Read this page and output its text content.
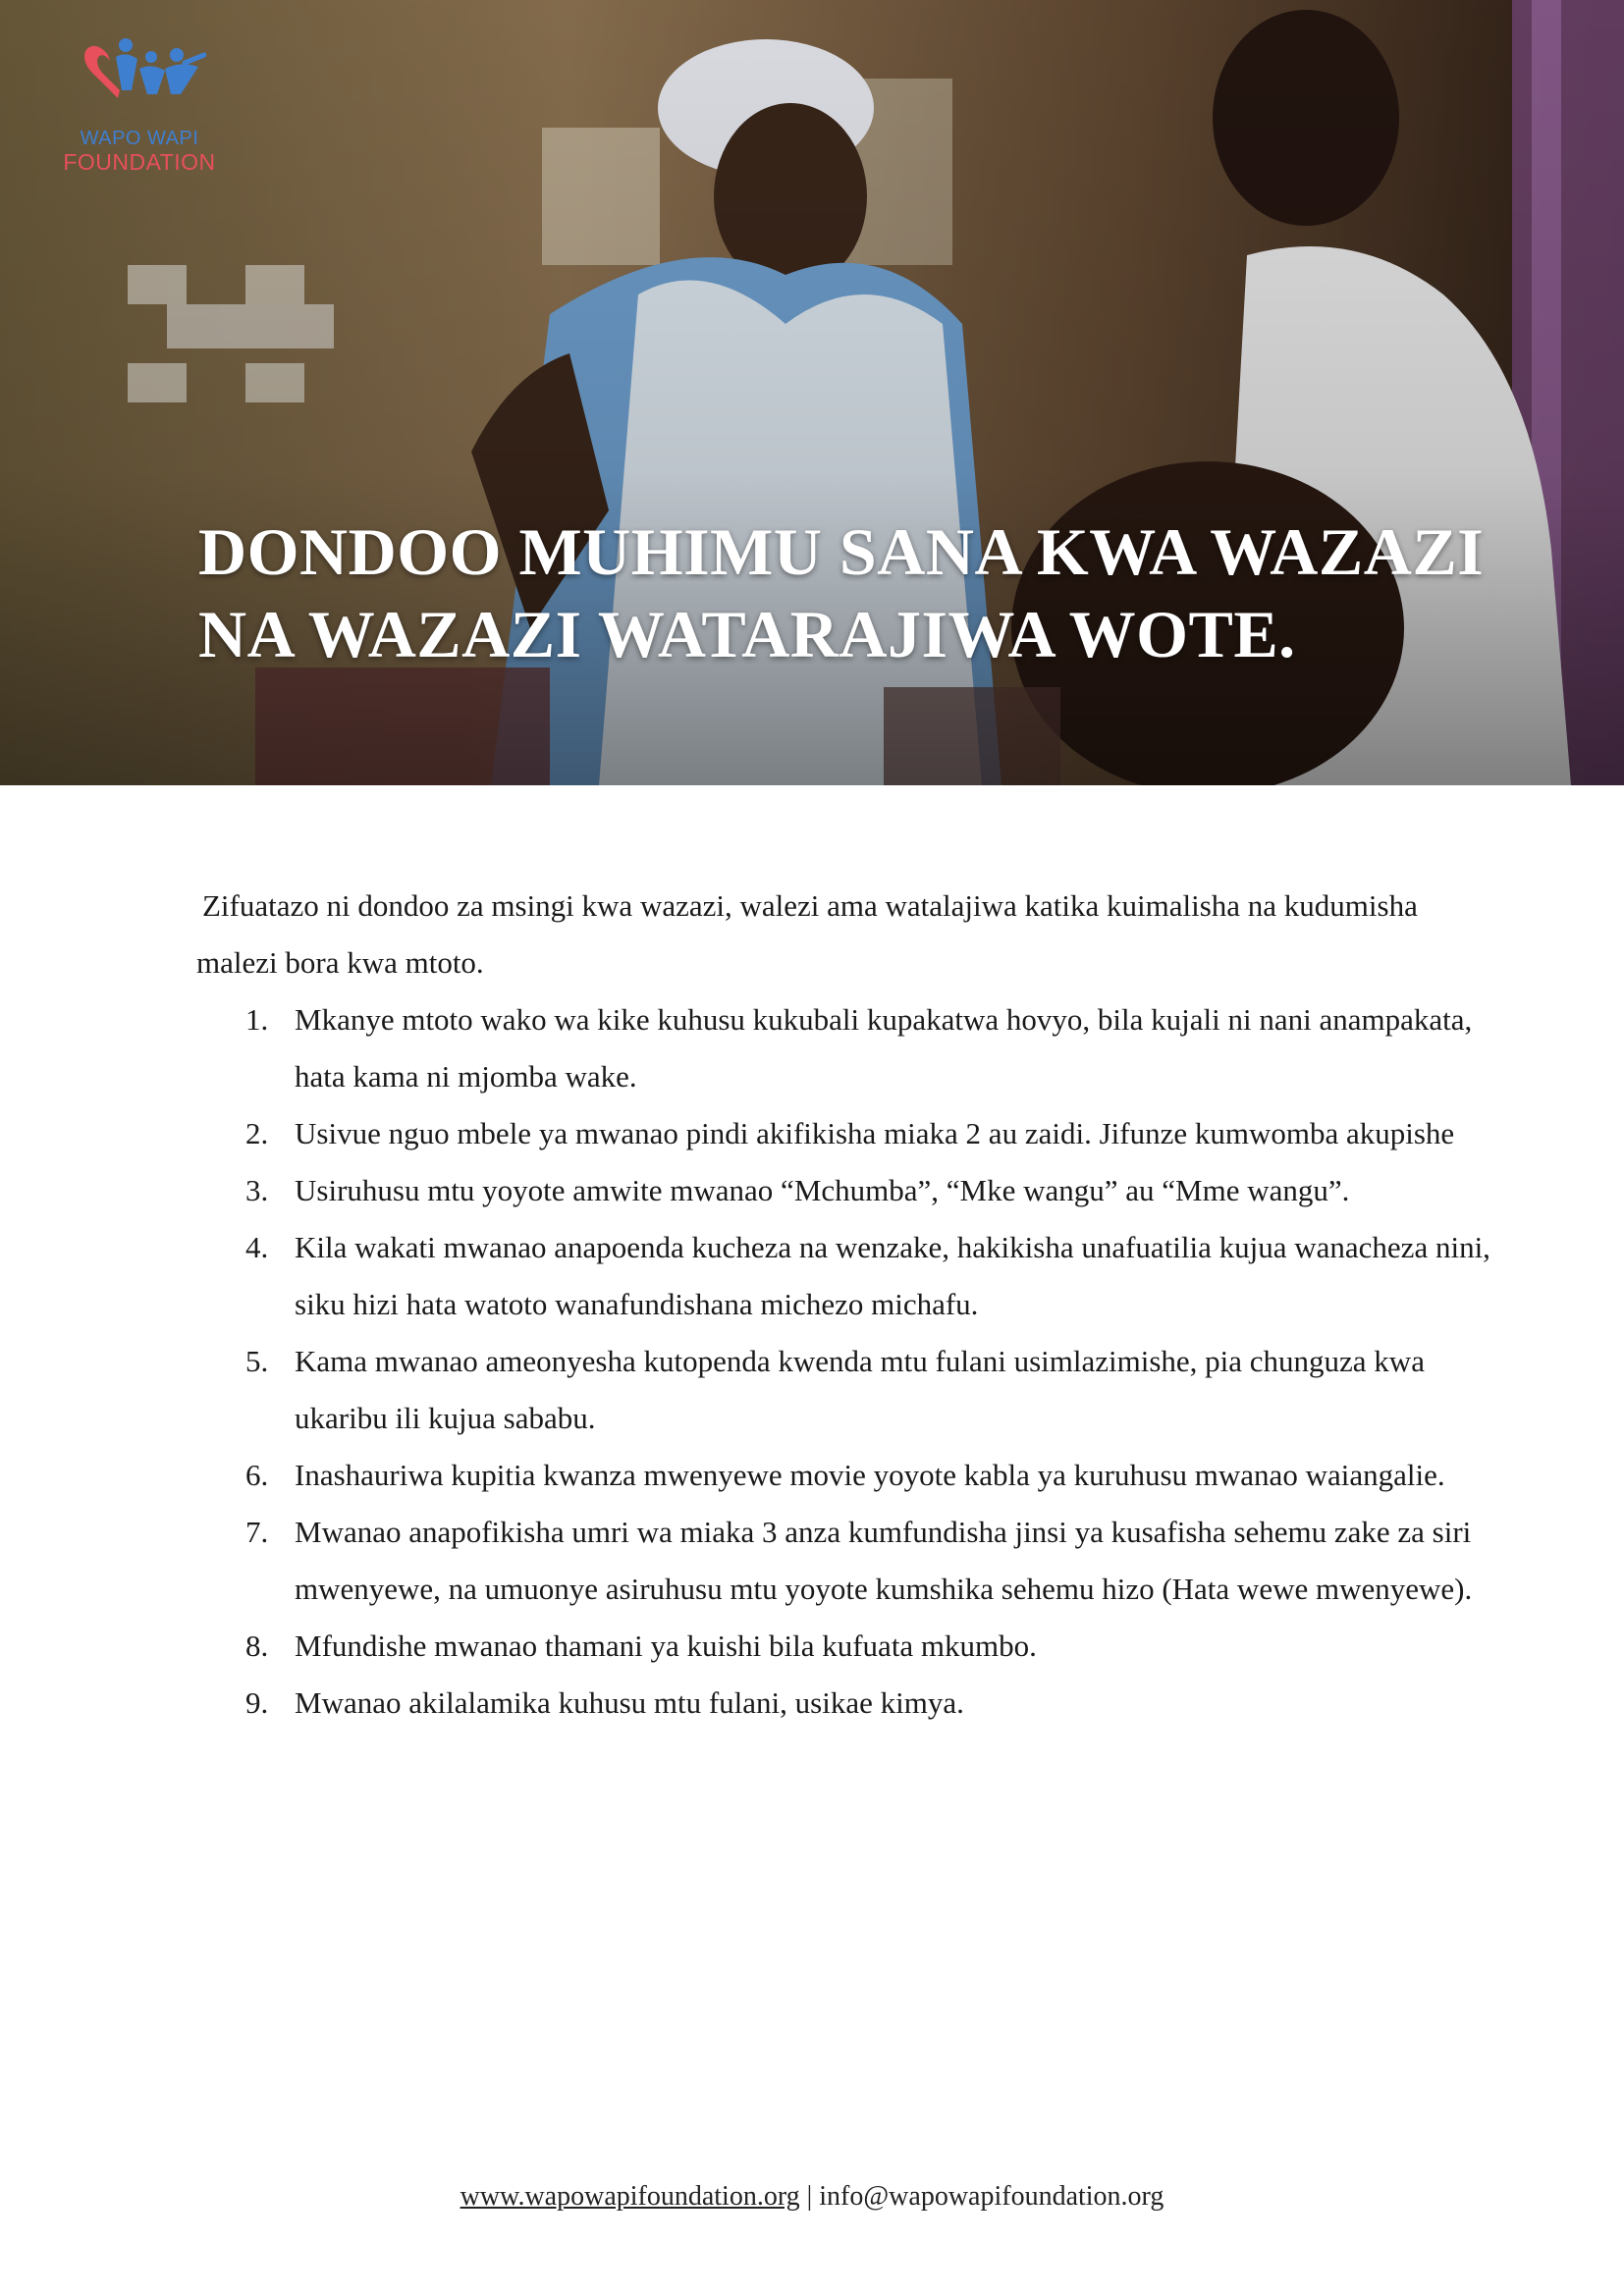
WAPO WAPI
FOUNDATION
DONDOO MUHIMU SANA KWA WAZAZI NA WAZAZI WATARAJIWA WOTE.

Zifuatazo ni dondoo za msingi kwa wazazi, walezi ama watalajiwa katika kuimalisha na kudumisha malezi bora kwa mtoto.

1. Mkanye mtoto wako wa kike kuhusu kukubali kupakatwa hovyo, bila kujali ni nani anampakata, hata kama ni mjomba wake.
2. Usivue nguo mbele ya mwanao pindi akifikisha miaka 2 au zaidi. Jifunze kumwomba akupishe
3. Usiruhusu mtu yoyote amwite mwanao “Mchumba”, “Mke wangu” au “Mme wangu”.
4. Kila wakati mwanao anapoenda kucheza na wenzake, hakikisha unafuatilia kujua wanacheza nini, siku hizi hata watoto wanafundishana michezo michafu.
5. Kama mwanao ameonyesha kutopenda kwenda mtu fulani usimlazimishe, pia chunguza kwa ukaribu ili kujua sababu.
6. Inashauriwa kupitia kwanza mwenyewe movie yoyote kabla ya kuruhusu mwanao waiangalie.
7. Mwanao anapofikisha umri wa miaka 3 anza kumfundisha jinsi ya kusafisha sehemu zake za siri mwenyewe, na umuonye asiruhusu mtu yoyote kumshika sehemu hizo (Hata wewe mwenyewe).
8. Mfundishe mwanao thamani ya kuishi bila kufuata mkumbo.
9. Mwanao akilalamika kuhusu mtu fulani, usikae kimya.
www.wapowapifoundation.org | info@wapowapifoundation.org
